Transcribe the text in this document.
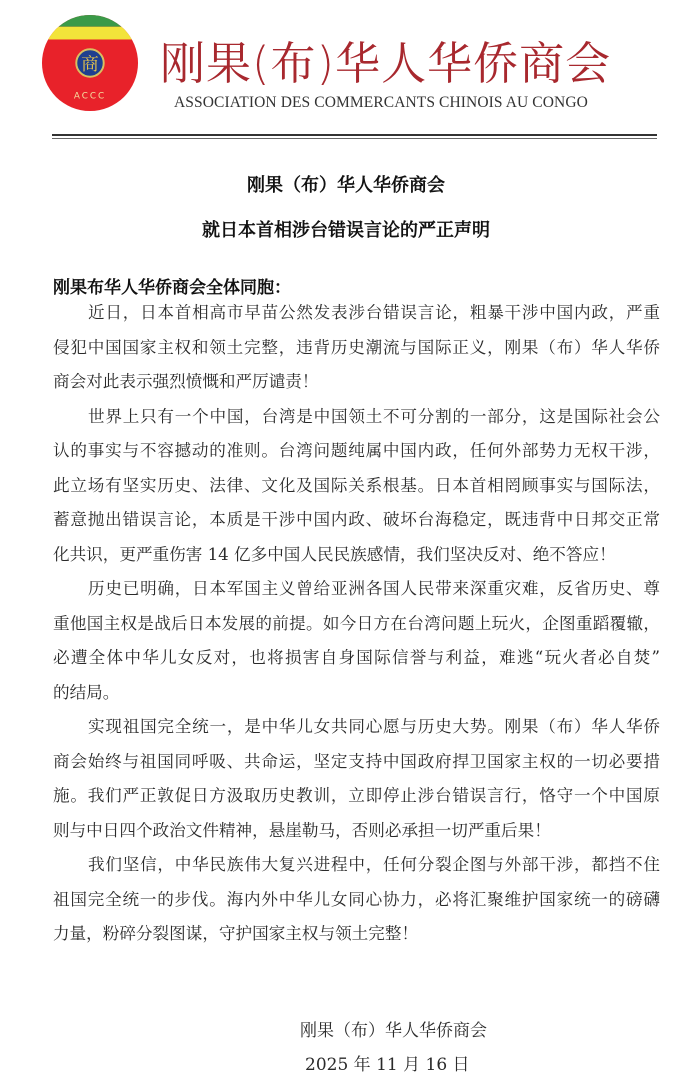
商
ACCC
刚果(布)华人华侨商会
ASSOCIATION DES COMMERCANTS CHINOIS AU CONGO
刚果（布）华人华侨商会
就日本首相涉台错误言论的严正声明
刚果布华人华侨商会全体同胞：
近日，日本首相高市早苗公然发表涉台错误言论，粗暴干涉中国内政，严重
侵犯中国国家主权和领土完整，违背历史潮流与国际正义，刚果（布）华人华侨
商会对此表示强烈愤慨和严厉谴责！
世界上只有一个中国，台湾是中国领土不可分割的一部分，这是国际社会公
认的事实与不容撼动的准则。台湾问题纯属中国内政，任何外部势力无权干涉，
此立场有坚实历史、法律、文化及国际关系根基。日本首相罔顾事实与国际法，
蓄意抛出错误言论，本质是干涉中国内政、破坏台海稳定，既违背中日邦交正常
化共识，更严重伤害 14 亿多中国人民民族感情，我们坚决反对、绝不答应！
历史已明确，日本军国主义曾给亚洲各国人民带来深重灾难，反省历史、尊
重他国主权是战后日本发展的前提。如今日方在台湾问题上玩火，企图重蹈覆辙，
必遭全体中华儿女反对，也将损害自身国际信誉与利益，难逃“玩火者必自焚”
的结局。
实现祖国完全统一，是中华儿女共同心愿与历史大势。刚果（布）华人华侨
商会始终与祖国同呼吸、共命运，坚定支持中国政府捍卫国家主权的一切必要措
施。我们严正敦促日方汲取历史教训，立即停止涉台错误言行，恪守一个中国原
则与中日四个政治文件精神，悬崖勒马，否则必承担一切严重后果！
我们坚信，中华民族伟大复兴进程中，任何分裂企图与外部干涉，都挡不住
祖国完全统一的步伐。海内外中华儿女同心协力，必将汇聚维护国家统一的磅礴
力量，粉碎分裂图谋，守护国家主权与领土完整！
刚果（布）华人华侨商会
2025 年 11 月 16 日
